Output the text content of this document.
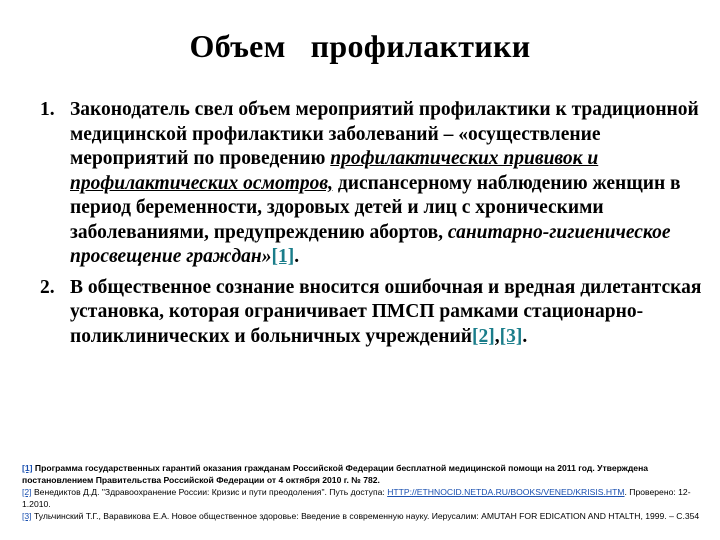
Объем   профилактики
1. Законодатель свел объем мероприятий профилактики к традиционной медицинской профилактики заболеваний – «осуществление мероприятий по проведению профилактических прививок и профилактических осмотров, диспансерному наблюдению женщин в период беременности, здоровых детей и лиц с хроническими заболеваниями, предупреждению абортов, санитарно-гигиеническое просвещение граждан»[1].
2. В общественное сознание вносится ошибочная и вредная дилетантская установка, которая ограничивает ПМСП рамками стационарно-поликлинических и больничных учреждений[2],[3].

[1] Программа государственных гарантий оказания гражданам Российской Федерации бесплатной медицинской помощи на 2011 год. Утверждена постановлением Правительства Российской Федерации от 4 октября 2010 г. № 782.

[2] Венедиктов Д.Д. "Здравоохранение России: Кризис и пути преодоления". Путь доступа: HTTP://ETHNOCID.NETDA.RU/BOOKS/VENED/KRISIS.HTM. Проверено: 12-1.2010.

[3] Тульчинский Т.Г., Варавикова Е.А. Новое общественное здоровье: Введение в современную науку. Иерусалим: AMUTAH FOR EDICATION AND HTALTH, 1999. – С.354
